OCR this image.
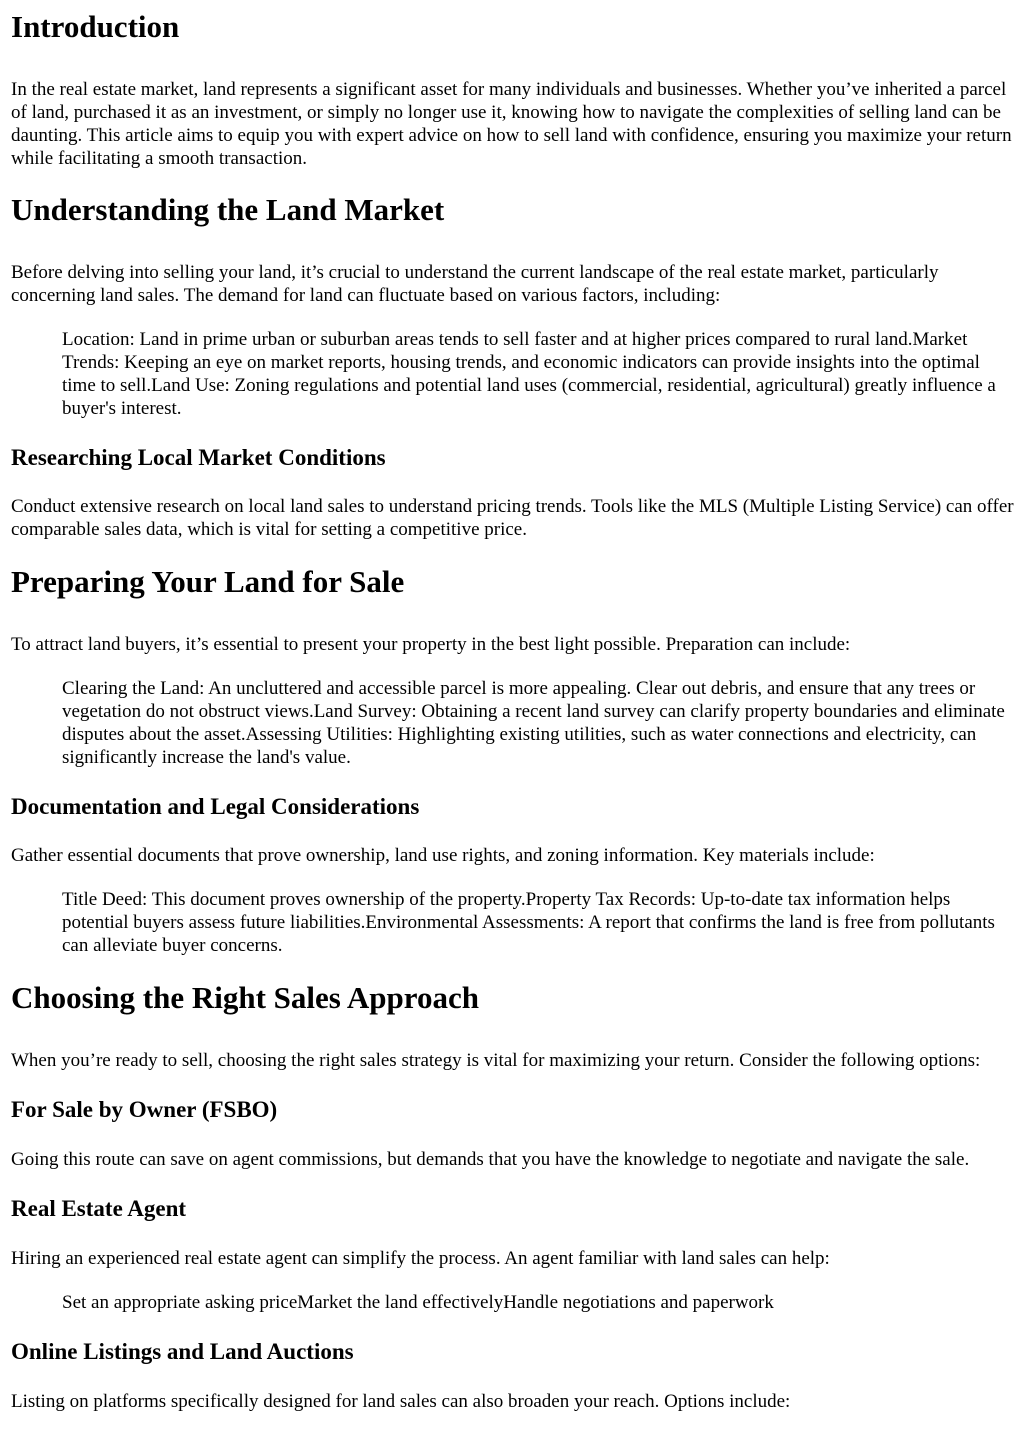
Introduction

In the real estate market, land represents a significant asset for many individuals and businesses. Whether you’ve inherited a parcel of land, purchased it as an investment, or simply no longer use it, knowing how to navigate the complexities of selling land can be daunting. This article aims to equip you with expert advice on how to sell land with confidence, ensuring you maximize your return while facilitating a smooth transaction.

Understanding the Land Market

Before delving into selling your land, it’s crucial to understand the current landscape of the real estate market, particularly concerning land sales. The demand for land can fluctuate based on various factors, including:

Location: Land in prime urban or suburban areas tends to sell faster and at higher prices compared to rural land.Market Trends: Keeping an eye on market reports, housing trends, and economic indicators can provide insights into the optimal time to sell.Land Use: Zoning regulations and potential land uses (commercial, residential, agricultural) greatly influence a buyer's interest.
Researching Local Market Conditions

Conduct extensive research on local land sales to understand pricing trends. Tools like the MLS (Multiple Listing Service) can offer comparable sales data, which is vital for setting a competitive price.

Preparing Your Land for Sale

To attract land buyers, it’s essential to present your property in the best light possible. Preparation can include:

Clearing the Land: An uncluttered and accessible parcel is more appealing. Clear out debris, and ensure that any trees or vegetation do not obstruct views.Land Survey: Obtaining a recent land survey can clarify property boundaries and eliminate disputes about the asset.Assessing Utilities: Highlighting existing utilities, such as water connections and electricity, can significantly increase the land's value.
Documentation and Legal Considerations

Gather essential documents that prove ownership, land use rights, and zoning information. Key materials include:

Title Deed: This document proves ownership of the property.Property Tax Records: Up-to-date tax information helps potential buyers assess future liabilities.Environmental Assessments: A report that confirms the land is free from pollutants can alleviate buyer concerns.
Choosing the Right Sales Approach

When you’re ready to sell, choosing the right sales strategy is vital for maximizing your return. Consider the following options:

For Sale by Owner (FSBO)

Going this route can save on agent commissions, but demands that you have the knowledge to negotiate and navigate the sale.

Real Estate Agent

Hiring an experienced real estate agent can simplify the process. An agent familiar with land sales can help:

Set an appropriate asking priceMarket the land effectivelyHandle negotiations and paperwork
Online Listings and Land Auctions

Listing on platforms specifically designed for land sales can also broaden your reach. Options include:
